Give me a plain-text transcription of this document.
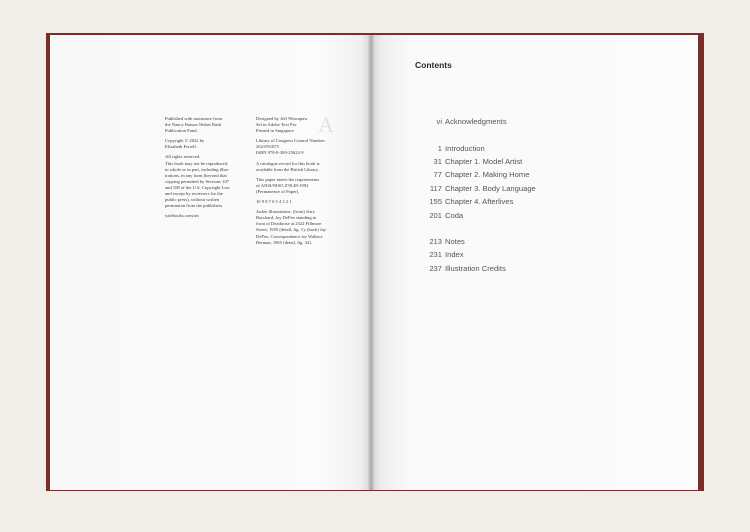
A

Published with assistance from
the Nancy Batson Nisbet Rash
Publication Fund.

Copyright © 2022 by
Elizabeth Ferrell.

All rights reserved.
This book may not be reproduced,
in whole or in part, including illus-
trations, in any form (beyond that
copying permitted by Sections 107
and 108 of the U.S. Copyright Law
and except by reviewers for the
public press), without written
permission from the publishers.

yalebooks.com/art

Designed by Jeff Wincapaw
Set in Adobe Text Pro
Printed in Singapore

Library of Congress Control Number:
2021951875
ISBN 978-0-300-25622-9

A catalogue record for this book is
available from the British Library.

This paper meets the requirements
of ANSI/NISO Z39.48-1992
(Permanence of Paper).

10 9 8 7 6 5 4 3 2 1

Jacket illustrations: (front) Jerry
Burchard, Jay DeFeo standing in
front of Deathrose at 2322 Fillmore
Street, 1959 (detail, fig. 1); (back) Jay
DeFeo, Correspondence for Wallace
Berman, 1965 (detail, fig. 34).

Contents
vi Acknowledgments
1 Introduction
31 Chapter 1. Model Artist
77 Chapter 2. Making Home
117 Chapter 3. Body Language
155 Chapter 4. Afterlives
201 Coda
213 Notes
231 Index
237 Illustration Credits
